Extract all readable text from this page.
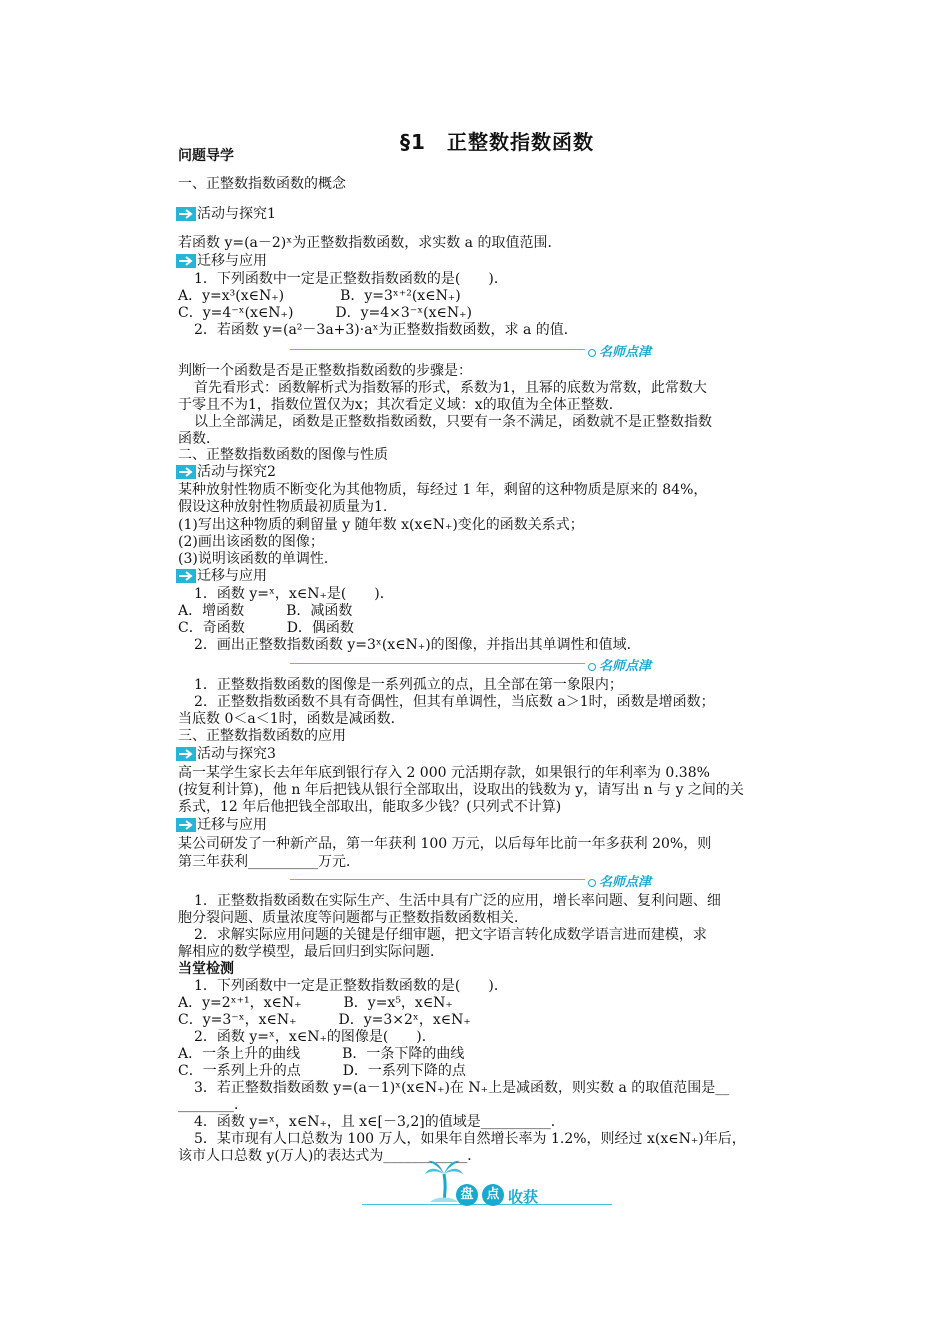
§1　正整数指数函数
问题导学
一、正整数指数函数的概念
活动与探究1
若函数 y=(a－2)ˣ为正整数指数函数，求实数 a 的取值范围．
迁移与应用
1．下列函数中一定是正整数指数函数的是(　　)．
A．y=x³(x∈N₊)　　　　B．y=3ˣ⁺²(x∈N₊)
C．y=4⁻ˣ(x∈N₊)　　　D．y=4×3⁻ˣ(x∈N₊)
2．若函数 y=(a²－3a+3)·aˣ为正整数指数函数，求 a 的值．
名师点津
判断一个函数是否是正整数指数函数的步骤是：
首先看形式：函数解析式为指数幂的形式，系数为1，且幂的底数为常数，此常数大
于零且不为1，指数位置仅为x；其次看定义域：x的取值为全体正整数．
以上全部满足，函数是正整数指数函数，只要有一条不满足，函数就不是正整数指数
函数．
二、正整数指数函数的图像与性质
活动与探究2
某种放射性物质不断变化为其他物质，每经过 1 年，剩留的这种物质是原来的 84%，
假设这种放射性物质最初质量为1.
(1)写出这种物质的剩留量 y 随年数 x(x∈N₊)变化的函数关系式；
(2)画出该函数的图像；
(3)说明该函数的单调性．
迁移与应用
1．函数 y=ˣ，x∈N₊是(　　)．
A．增函数　　　B．减函数
C．奇函数　　　D．偶函数
2．画出正整数指数函数 y=3ˣ(x∈N₊)的图像，并指出其单调性和值域．
名师点津
1．正整数指数函数的图像是一系列孤立的点，且全部在第一象限内；
2．正整数指数函数不具有奇偶性，但其有单调性，当底数 a＞1时，函数是增函数；
当底数 0＜a＜1时，函数是减函数．
三、正整数指数函数的应用
活动与探究3
高一某学生家长去年年底到银行存入 2 000 元活期存款，如果银行的年利率为 0.38%
(按复利计算)，他 n 年后把钱从银行全部取出，设取出的钱数为 y，请写出 n 与 y 之间的关
系式，12 年后他把钱全部取出，能取多少钱？(只列式不计算)
迁移与应用
某公司研发了一种新产品，第一年获利 100 万元，以后每年比前一年多获利 20%，则
第三年获利__________万元．
名师点津
1．正整数指数函数在实际生产、生活中具有广泛的应用，增长率问题、复利问题、细
胞分裂问题、质量浓度等问题都与正整数指数函数相关．
2．求解实际应用问题的关键是仔细审题，把文字语言转化成数学语言进而建模，求
解相应的数学模型，最后回归到实际问题．
当堂检测
1．下列函数中一定是正整数指数函数的是(　　)．
A．y=2ˣ⁺¹，x∈N₊　　　B．y=x⁵，x∈N₊
C．y=3⁻ˣ，x∈N₊　　　D．y=3×2ˣ，x∈N₊
2．函数 y=ˣ，x∈N₊的图像是(　　)．
A．一条上升的曲线　　　B．一条下降的曲线
C．一系列上升的点　　　D．一系列下降的点
3．若正整数指数函数 y=(a－1)ˣ(x∈N₊)在 N₊上是减函数，则实数 a 的取值范围是__
________．
4．函数 y=ˣ，x∈N₊，且 x∈[－3,2]的值域是__________．
5．某市现有人口总数为 100 万人，如果年自然增长率为 1.2%，则经过 x(x∈N₊)年后，
该市人口总数 y(万人)的表达式为____________．
盘 点 收获
